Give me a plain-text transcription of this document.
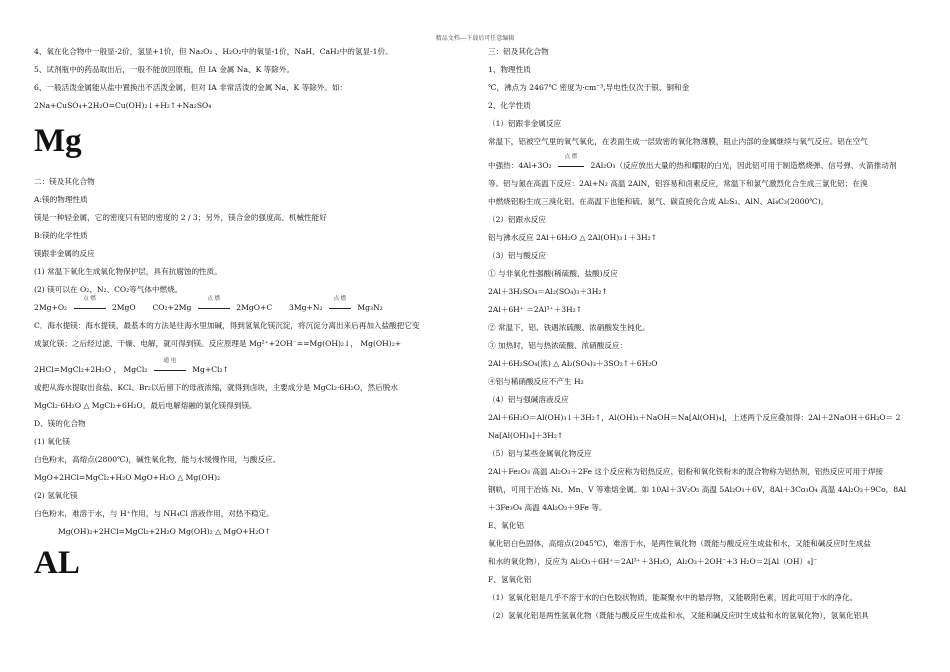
精品文档---下载后可任意编辑
4、氧在化合物中一般显-2价，氢显+1价，但 Na₂O₂ 、H₂O₂中的氧显-1价，NaH、CaH₂中的氢显-1价。
5、试剂瓶中的药品取出后，一般不能放回原瓶，但 IA 金属 Na、K 等除外。
6、一般活泼金属能从盐中置换出不活泼金属，但对 IA 非常活泼的金属 Na、K 等除外。如：
2Na+CuSO₄+2H₂O=Cu(OH)₂↓+H₂↑+Na₂SO₄
Mg
二：镁及其化合物
A:镁的物理性质
镁是一种轻金属，它的密度只有铝的密度的 2 / 3；另外，镁合金的强度高、机械性能好
B:镁的化学性质
镁跟非金属的反应
(1) 常温下氧化生成氧化物保护层，具有抗腐蚀的性质。
(2) 镁可以在 O₂、N₂、CO₂等气体中燃烧。
2Mg+O₂
点 燃
2MgO CO₂+2Mg
点 燃
2MgO+C 3Mg+N₂
点 燃
Mg₃N₂
C．海水提镁：海水提镁，最基本的方法是往海水里加碱，得到氢氧化镁沉淀，将沉淀分离出来后再加入盐酸把它变
成氯化镁；之后经过滤、干燥、电解，就可得到镁。反应原理是 Mg²⁺+2OH⁻==Mg(OH)₂↓， Mg(OH)₂+
2HCl=MgCl₂+2H₂O ， MgCl₂
通 电
Mg+Cl₂↑
或把从海水提取出食盐、KCl、Br₂以后留下的母液浓缩，就得到卤块，主要成分是 MgCl₂·6H₂O，然后脱水
MgCl₂·6H₂O △ MgCl₂+6H₂O。最后电解熔融的氯化镁得到镁。
D、镁的化合物
(1) 氧化镁
白色粉末，高熔点(2800℃)，碱性氧化物，能与水缓慢作用，与酸反应。
MgO+2HCl=MgCl₂+H₂O MgO+H₂O △ Mg(OH)₂
(2) 氢氧化镁
白色粉末，难溶于水，与 H⁺作用，与 NH₄Cl 溶液作用，对热不稳定。
Mg(OH)₂+2HCl=MgCl₂+2H₂O Mg(OH)₂ △ MgO+H₂O↑
AL
三：铝及其化合物
1、物理性质
℃，沸点为 2467℃ 密度为·cm⁻³,导电性仅次于银、铜和金
2、化学性质
（1）铝跟非金属反应
常温下，铝被空气里的氧气氧化，在表面生成一层致密的氧化物薄膜，阻止内部的金属继续与氧气反应。铝在空气
中强热：4Al+3O₂
点 燃
2Al₂O₃（反应放出大量的热和耀眼的白光，因此铝可用于制造燃烧弹、信号弹、火箭推动剂
等。铝与氮在高温下反应：2Al+N₂ 高温 2AlN，铝容易和卤素反应，常温下和氯气激烈化合生成三氯化铝；在溴
中燃烧铝粉生成三溴化铝。在高温下也能和硫、氮气、碳直接化合成 Al₂S₃、AlN、Al₄C₃(2000℃)。
（2）铝跟水反应
铝与沸水反应 2Al＋6H₂O △ 2Al(OH)₃↓＋3H₂↑
（3）铝与酸反应
① 与非氧化性强酸(稀硫酸、盐酸)反应
2Al＋3H₂SO₄＝Al₂(SO₄)₃＋3H₂↑
2Al＋6H⁺ ＝2Al³⁺＋3H₂↑
② 常温下，铝、铁遇浓硫酸、浓硝酸发生钝化。
③ 加热时，铝与热浓硫酸、浓硝酸反应：
2Al＋6H₂SO₄(浓) △ Al₂(SO₄)₃＋3SO₂↑＋6H₂O
④铝与稀硝酸反应不产生 H₂
（4）铝与强碱溶液反应
2Al＋6H₂O＝Al(OH)₃↓＋3H₂↑，Al(OH)₃＋NaOH＝Na[Al(OH)₄]，上述两个反应叠加得：2Al＋2NaOH＋6H₂O＝ 2
Na[Al(OH)₄]＋3H₂↑
（5）铝与某些金属氧化物反应
2Al＋Fe₂O₃ 高温 Al₂O₃＋2Fe 这个反应称为铝热反应、铝粉和氧化铁粉末的混合物称为铝热剂，铝热反应可用于焊接
钢轨，可用于冶炼 Ni、Mn、V 等难熔金属。如 10Al＋3V₂O₅ 高温 5Al₂O₃＋6V，8Al＋3Co₃O₄ 高温 4Al₂O₃＋9Co，8Al
＋3Fe₃O₄ 高温 4Al₂O₃＋9Fe 等。
E、氧化铝
氧化铝白色固体，高熔点(2045℃)，难溶于水，是两性氧化物（既能与酸反应生成盐和水，又能和碱反应时生成盐
和水的氧化物），反应为 Al₂O₃＋6H⁺＝2Al³⁺＋3H₂O，Al₂O₃＋2OH⁻+3 H₂O＝2[Al（OH）₄]⁻
F、氢氧化铝
（1）氢氧化铝是几乎不溶于水的白色胶状物质，能凝聚水中的悬浮物，又能吸附色素，因此可用于水的净化。
（2）氢氧化铝是两性氢氧化物（既能与酸反应生成盐和水，又能和碱反应时生成盐和水的氢氧化物），氢氧化铝具
